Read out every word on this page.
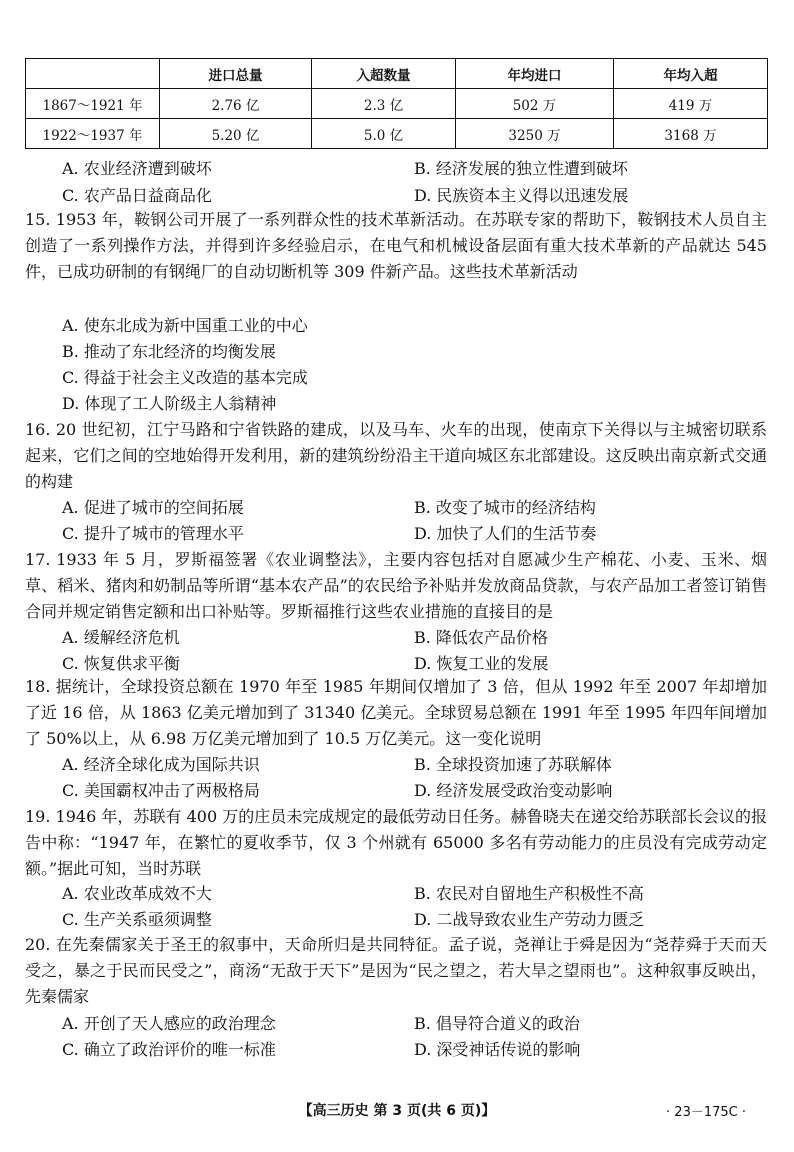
	进口总量	入超数量	年均进口	年均入超
1867～1921 年	2.76 亿	2.3 亿	502 万	419 万
1922～1937 年	5.20 亿	5.0 亿	3250 万	3168 万
A. 农业经济遭到破坏	B. 经济发展的独立性遭到破坏
C. 农产品日益商品化	D. 民族资本主义得以迅速发展

15. 1953 年，鞍钢公司开展了一系列群众性的技术革新活动。在苏联专家的帮助下，鞍钢技术人员自主创造了一系列操作方法，并得到许多经验启示，在电气和机械设备层面有重大技术革新的产品就达 545 件，已成功研制的有钢绳厂的自动切断机等 309 件新产品。这些技术革新活动

A. 使东北成为新中国重工业的中心
B. 推动了东北经济的均衡发展
C. 得益于社会主义改造的基本完成
D. 体现了工人阶级主人翁精神

16. 20 世纪初，江宁马路和宁省铁路的建成，以及马车、火车的出现，使南京下关得以与主城密切联系起来，它们之间的空地始得开发利用，新的建筑纷纷沿主干道向城区东北部建设。这反映出南京新式交通的构建

A. 促进了城市的空间拓展	B. 改变了城市的经济结构
C. 提升了城市的管理水平	D. 加快了人们的生活节奏

17. 1933 年 5 月，罗斯福签署《农业调整法》，主要内容包括对自愿减少生产棉花、小麦、玉米、烟草、稻米、猪肉和奶制品等所谓“基本农产品”的农民给予补贴并发放商品贷款，与农产品加工者签订销售合同并规定销售定额和出口补贴等。罗斯福推行这些农业措施的直接目的是

A. 缓解经济危机	B. 降低农产品价格
C. 恢复供求平衡	D. 恢复工业的发展

18. 据统计，全球投资总额在 1970 年至 1985 年期间仅增加了 3 倍，但从 1992 年至 2007 年却增加了近 16 倍，从 1863 亿美元增加到了 31340 亿美元。全球贸易总额在 1991 年至 1995 年四年间增加了 50%以上，从 6.98 万亿美元增加到了 10.5 万亿美元。这一变化说明

A. 经济全球化成为国际共识	B. 全球投资加速了苏联解体
C. 美国霸权冲击了两极格局	D. 经济发展受政治变动影响

19. 1946 年，苏联有 400 万的庄员未完成规定的最低劳动日任务。赫鲁晓夫在递交给苏联部长会议的报告中称：“1947 年，在繁忙的夏收季节，仅 3 个州就有 65000 多名有劳动能力的庄员没有完成劳动定额。”据此可知，当时苏联

A. 农业改革成效不大	B. 农民对自留地生产积极性不高
C. 生产关系亟须调整	D. 二战导致农业生产劳动力匮乏

20. 在先秦儒家关于圣王的叙事中，天命所归是共同特征。孟子说，尧禅让于舜是因为“尧荐舜于天而天受之，暴之于民而民受之”，商汤“无敌于天下”是因为“民之望之，若大旱之望雨也”。这种叙事反映出，先秦儒家

A. 开创了天人感应的政治理念	B. 倡导符合道义的政治
C. 确立了政治评价的唯一标准	D. 深受神话传说的影响
【高三历史 第 3 页(共 6 页)】	· 23－175C ·
